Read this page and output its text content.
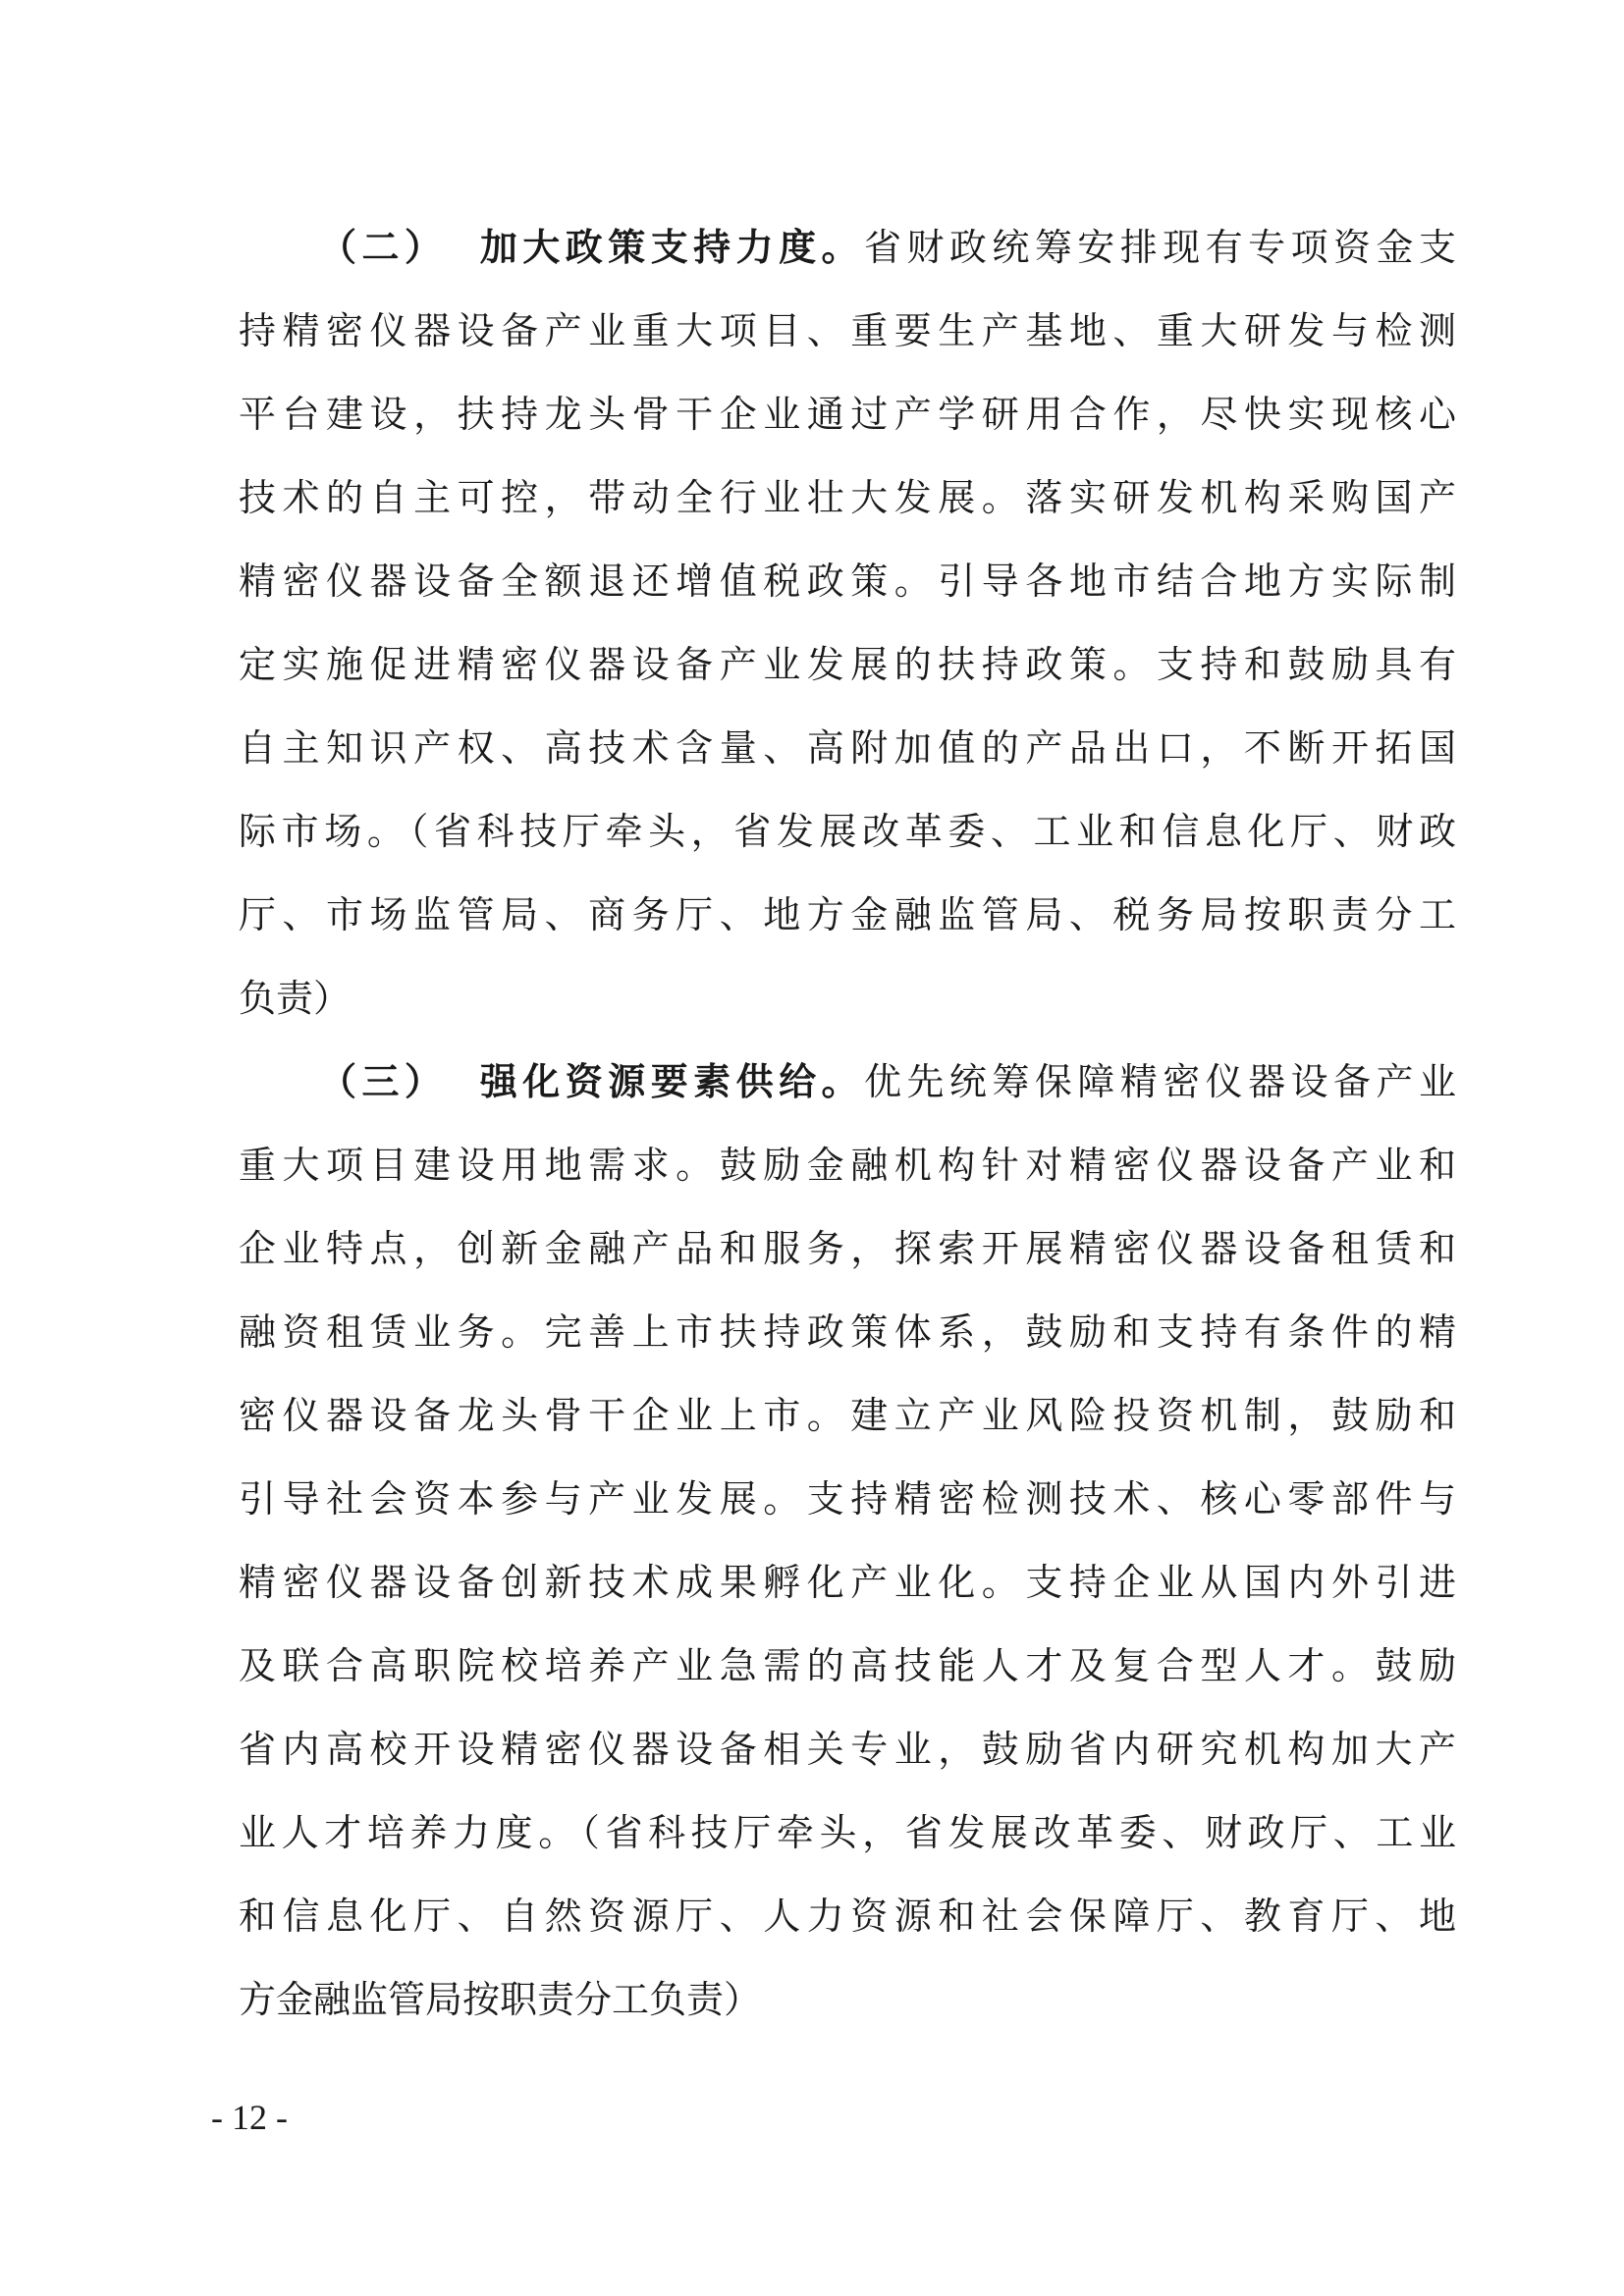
（二） 加大政策支持力度。省财政统筹安排现有专项资金支
持精密仪器设备产业重大项目、重要生产基地、重大研发与检测
平台建设，扶持龙头骨干企业通过产学研用合作，尽快实现核心
技术的自主可控，带动全行业壮大发展。落实研发机构采购国产
精密仪器设备全额退还增值税政策。引导各地市结合地方实际制
定实施促进精密仪器设备产业发展的扶持政策。支持和鼓励具有
自主知识产权、高技术含量、高附加值的产品出口，不断开拓国
际市场。（省科技厅牵头，省发展改革委、工业和信息化厅、财政
厅、市场监管局、商务厅、地方金融监管局、税务局按职责分工
负责）
（三） 强化资源要素供给。优先统筹保障精密仪器设备产业
重大项目建设用地需求。鼓励金融机构针对精密仪器设备产业和
企业特点，创新金融产品和服务，探索开展精密仪器设备租赁和
融资租赁业务。完善上市扶持政策体系，鼓励和支持有条件的精
密仪器设备龙头骨干企业上市。建立产业风险投资机制，鼓励和
引导社会资本参与产业发展。支持精密检测技术、核心零部件与
精密仪器设备创新技术成果孵化产业化。支持企业从国内外引进
及联合高职院校培养产业急需的高技能人才及复合型人才。鼓励
省内高校开设精密仪器设备相关专业，鼓励省内研究机构加大产
业人才培养力度。（省科技厅牵头，省发展改革委、财政厅、工业
和信息化厅、自然资源厅、人力资源和社会保障厅、教育厅、地
方金融监管局按职责分工负责）
- 12 -
